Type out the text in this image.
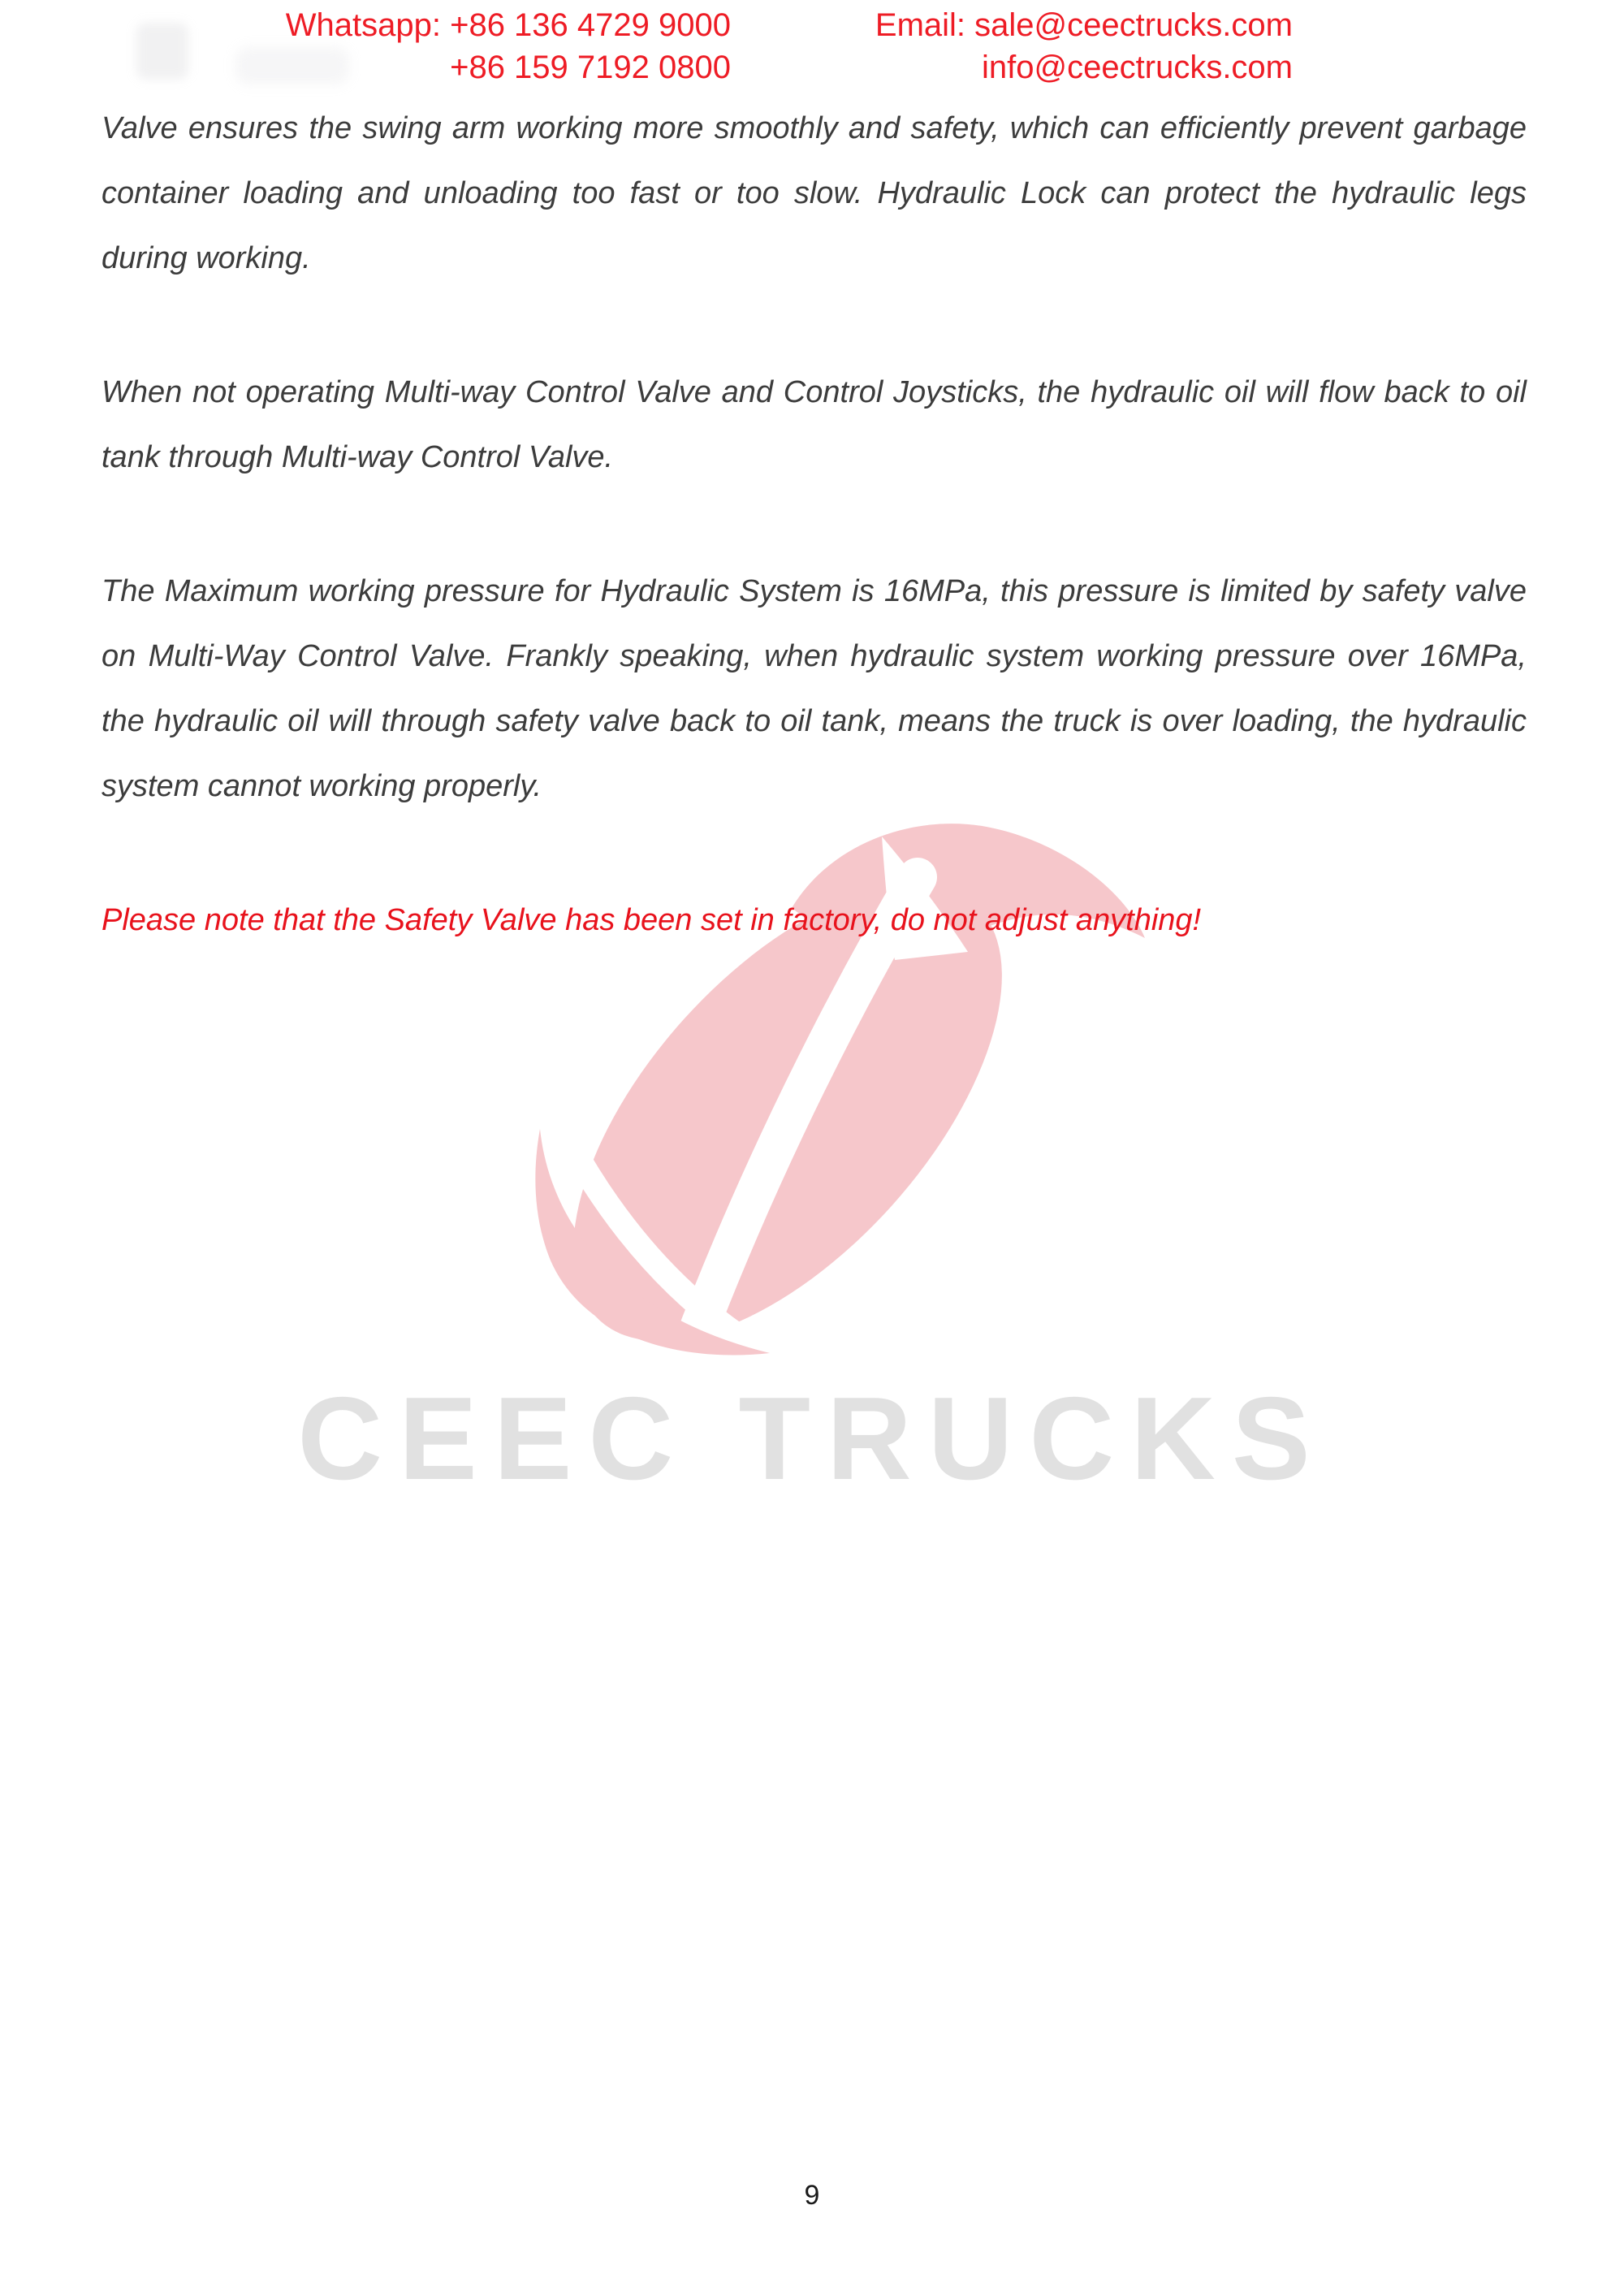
Whatsapp: +86 136 4729 9000
+86 159 7192 0800
Email: sale@ceectrucks.com
info@ceectrucks.com
CEEC TRUCKS

Valve ensures the swing arm working more smoothly and safety, which can efficiently prevent garbage container loading and unloading too fast or too slow. Hydraulic Lock can protect the hydraulic legs during working.

When not operating Multi-way Control Valve and Control Joysticks, the hydraulic oil will flow back to oil tank through Multi-way Control Valve.

The Maximum working pressure for Hydraulic System is 16MPa, this pressure is limited by safety valve on Multi-Way Control Valve. Frankly speaking, when hydraulic system working pressure over 16MPa, the hydraulic oil will through safety valve back to oil tank, means the truck is over loading, the hydraulic system cannot working properly.

Please note that the Safety Valve has been set in factory, do not adjust anything!

9
